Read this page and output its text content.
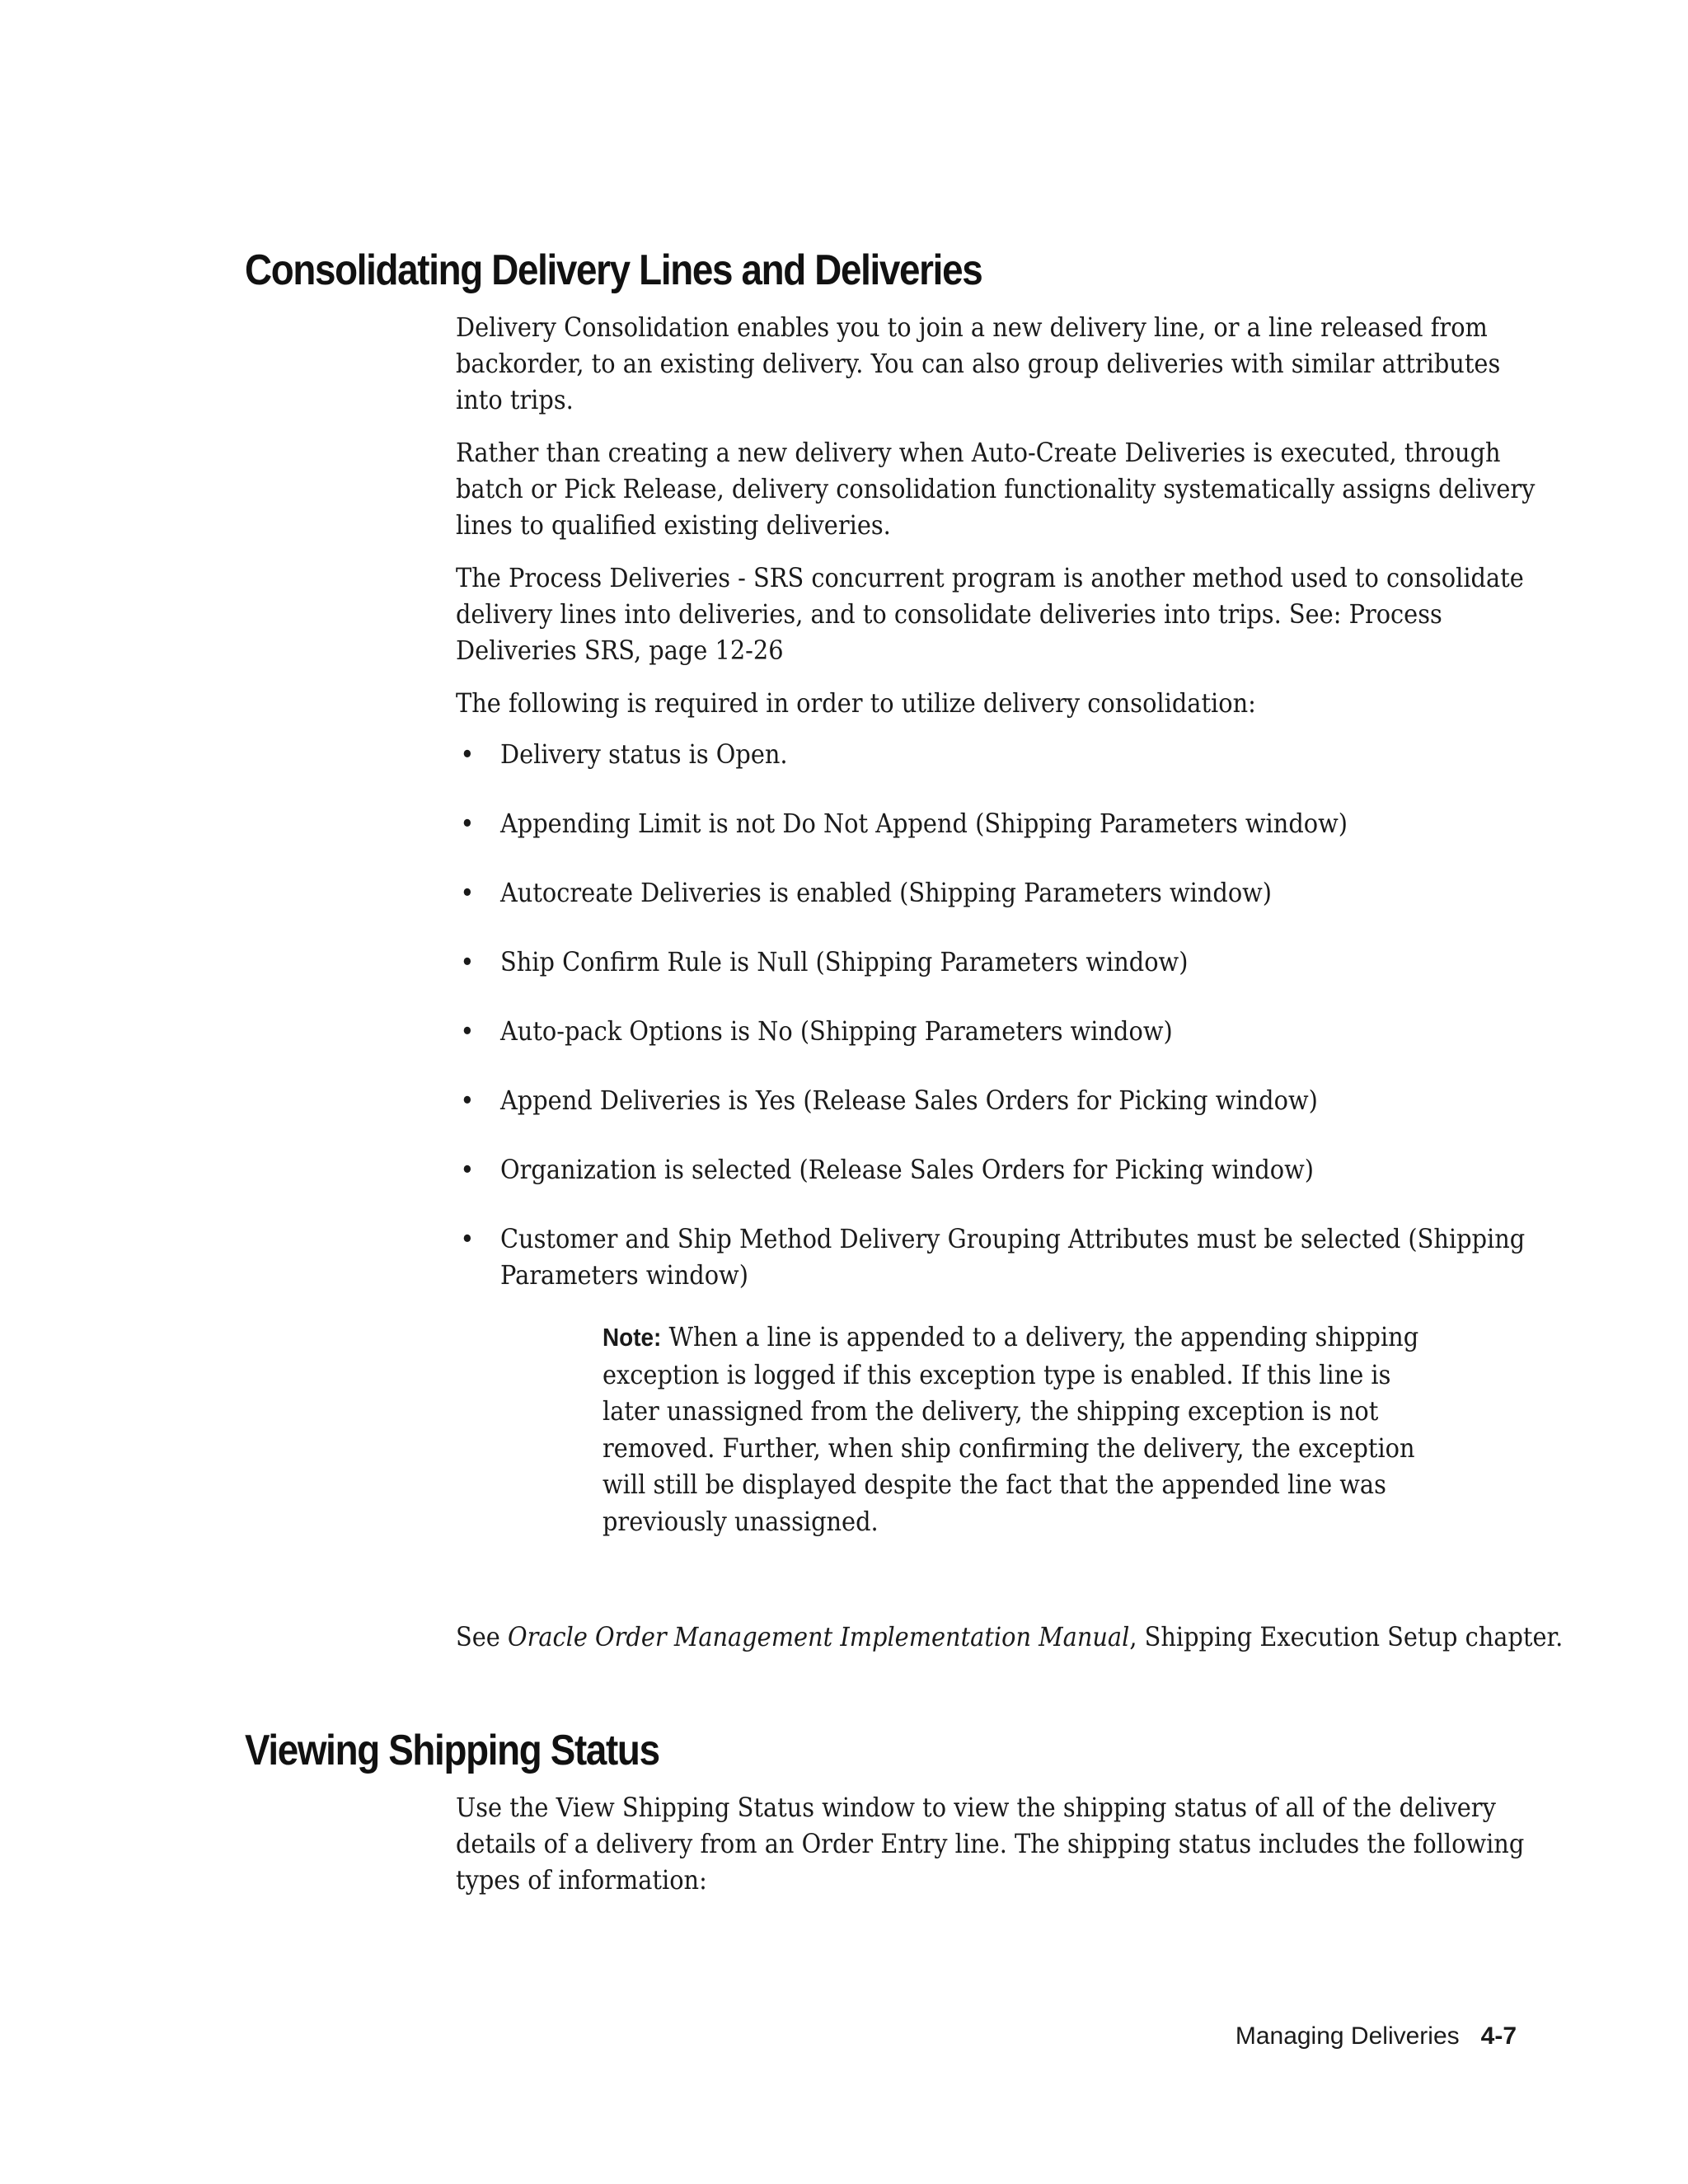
Consolidating Delivery Lines and Deliveries

Delivery Consolidation enables you to join a new delivery line, or a line released from backorder, to an existing delivery. You can also group deliveries with similar attributes into trips.

Rather than creating a new delivery when Auto-Create Deliveries is executed, through batch or Pick Release, delivery consolidation functionality systematically assigns delivery lines to qualified existing deliveries.

The Process Deliveries - SRS concurrent program is another method used to consolidate delivery lines into deliveries, and to consolidate deliveries into trips. See: Process Deliveries SRS, page 12-26

The following is required in order to utilize delivery consolidation:

• Delivery status is Open.
• Appending Limit is not Do Not Append (Shipping Parameters window)
• Autocreate Deliveries is enabled (Shipping Parameters window)
• Ship Confirm Rule is Null (Shipping Parameters window)
• Auto-pack Options is No (Shipping Parameters window)
• Append Deliveries is Yes (Release Sales Orders for Picking window)
• Organization is selected (Release Sales Orders for Picking window)
• Customer and Ship Method Delivery Grouping Attributes must be selected (Shipping Parameters window)
Note: When a line is appended to a delivery, the appending shipping exception is logged if this exception type is enabled. If this line is later unassigned from the delivery, the shipping exception is not removed. Further, when ship confirming the delivery, the exception will still be displayed despite the fact that the appended line was previously unassigned.
See Oracle Order Management Implementation Manual, Shipping Execution Setup chapter.
Viewing Shipping Status

Use the View Shipping Status window to view the shipping status of all of the delivery details of a delivery from an Order Entry line. The shipping status includes the following types of information:

Managing Deliveries 4-7
